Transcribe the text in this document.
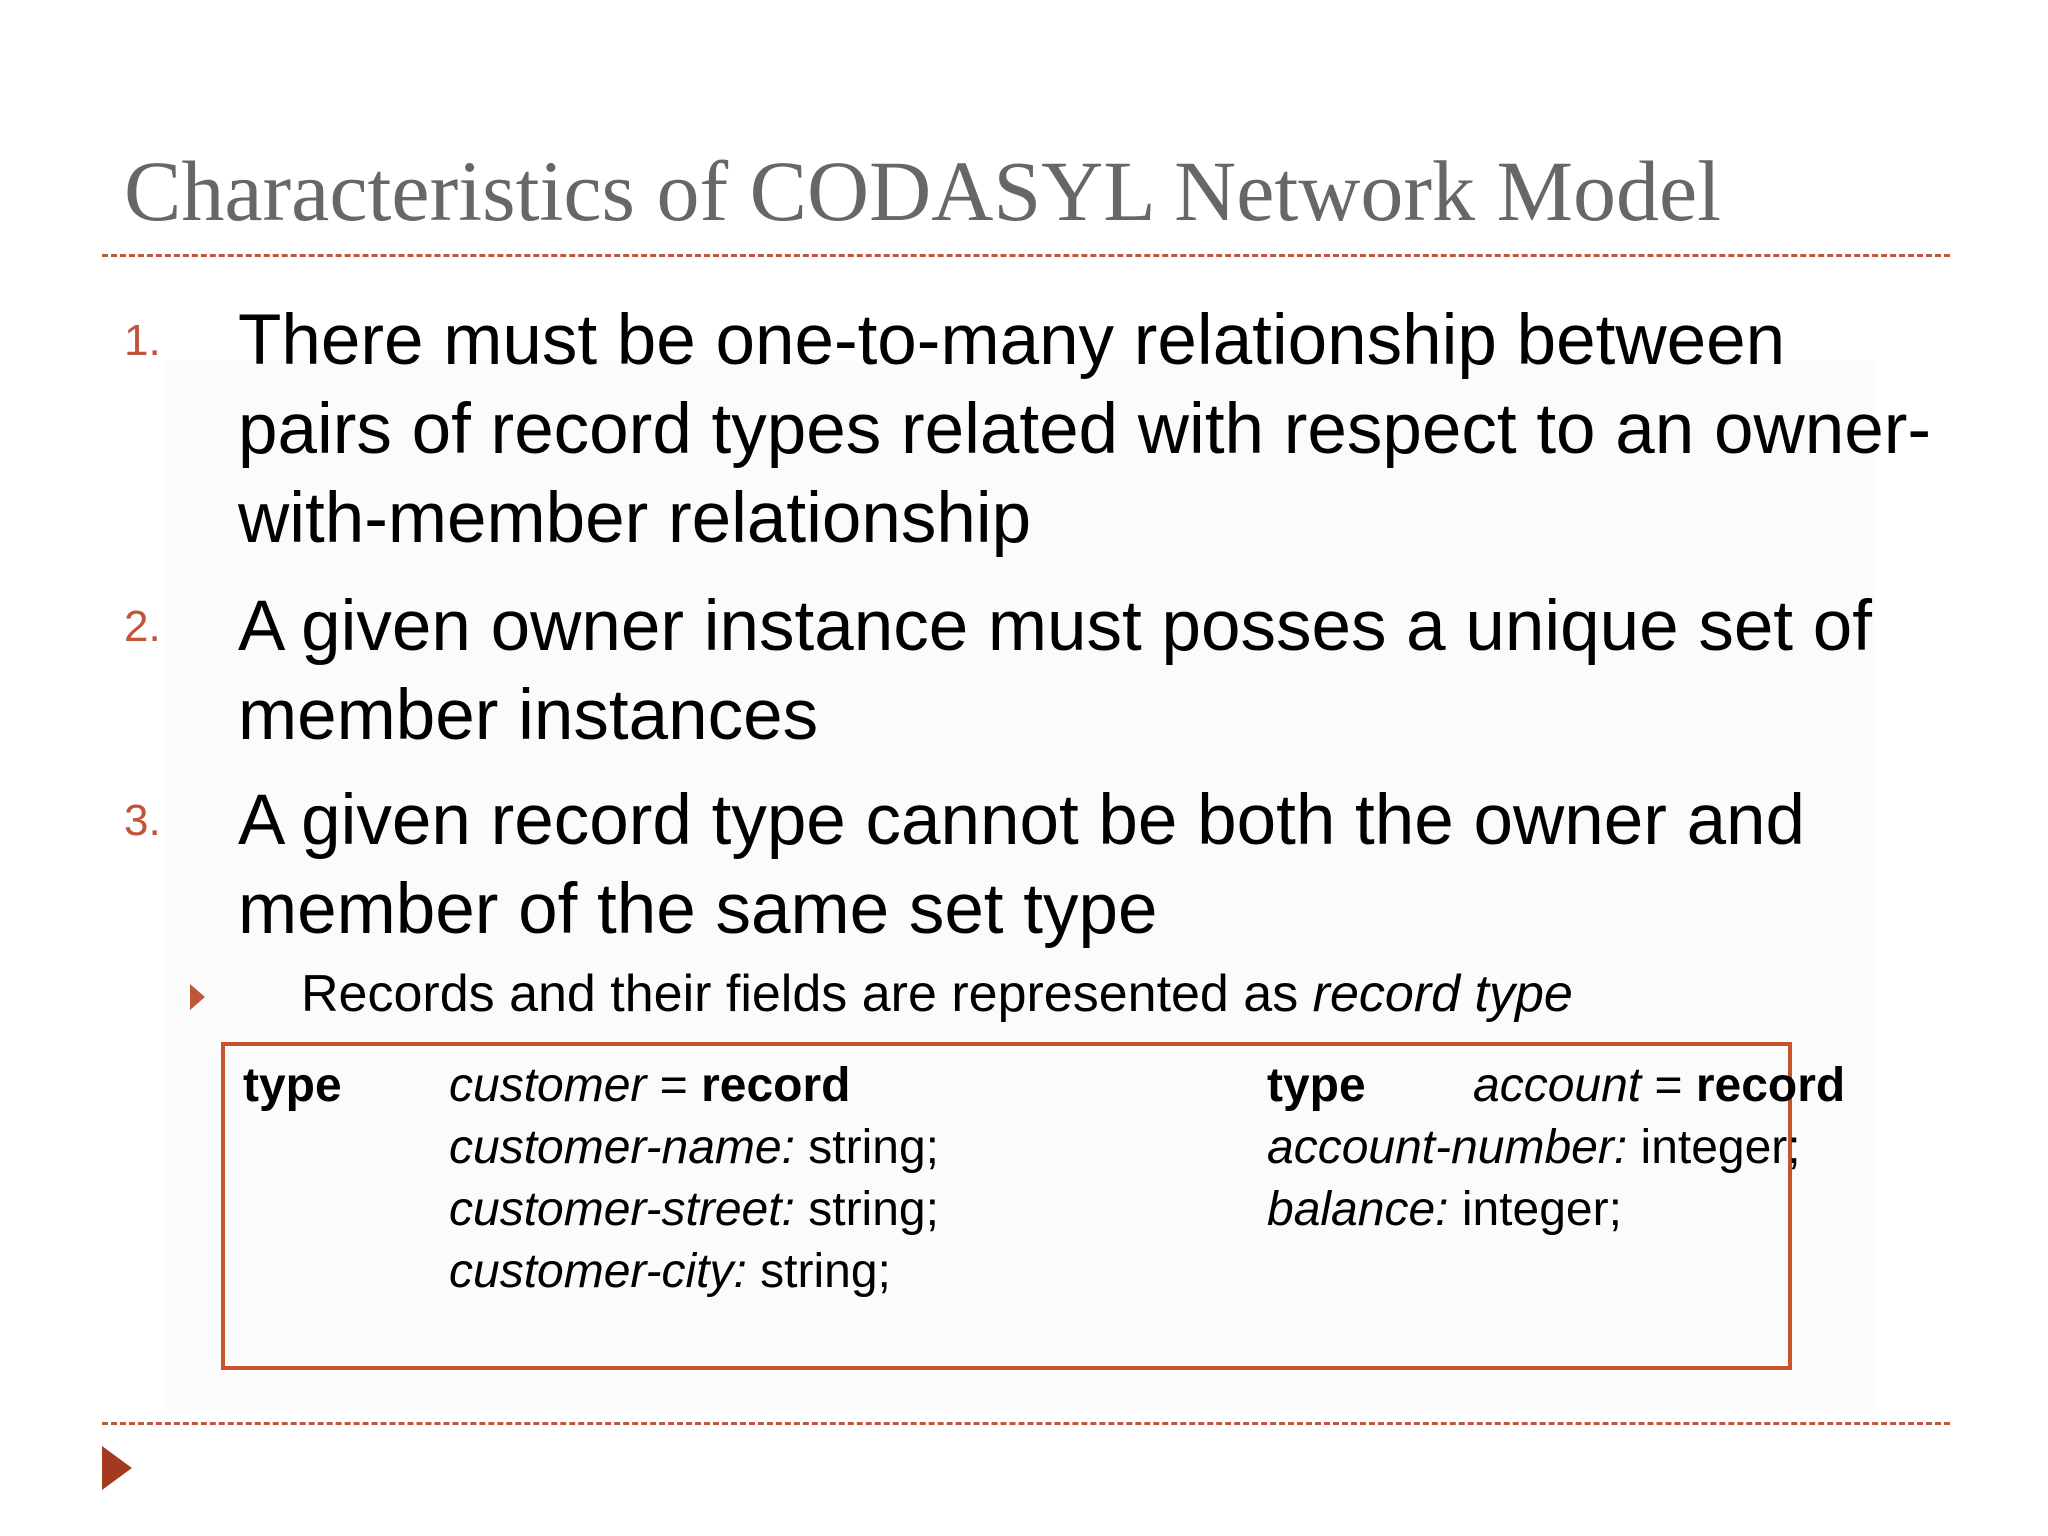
Characteristics of CODASYL Network Model
1. There must be one-to-many relationship between pairs of record types related with respect to an owner-with-member relationship
2. A given owner instance must posses a unique set of member instances
3. A given record type cannot be both the owner and member of the same set type
Records and their fields are represented as record type
type customer = record
customer-name: string;
customer-street: string;
customer-city: string;
type account = record
account-number: integer;
balance: integer;
